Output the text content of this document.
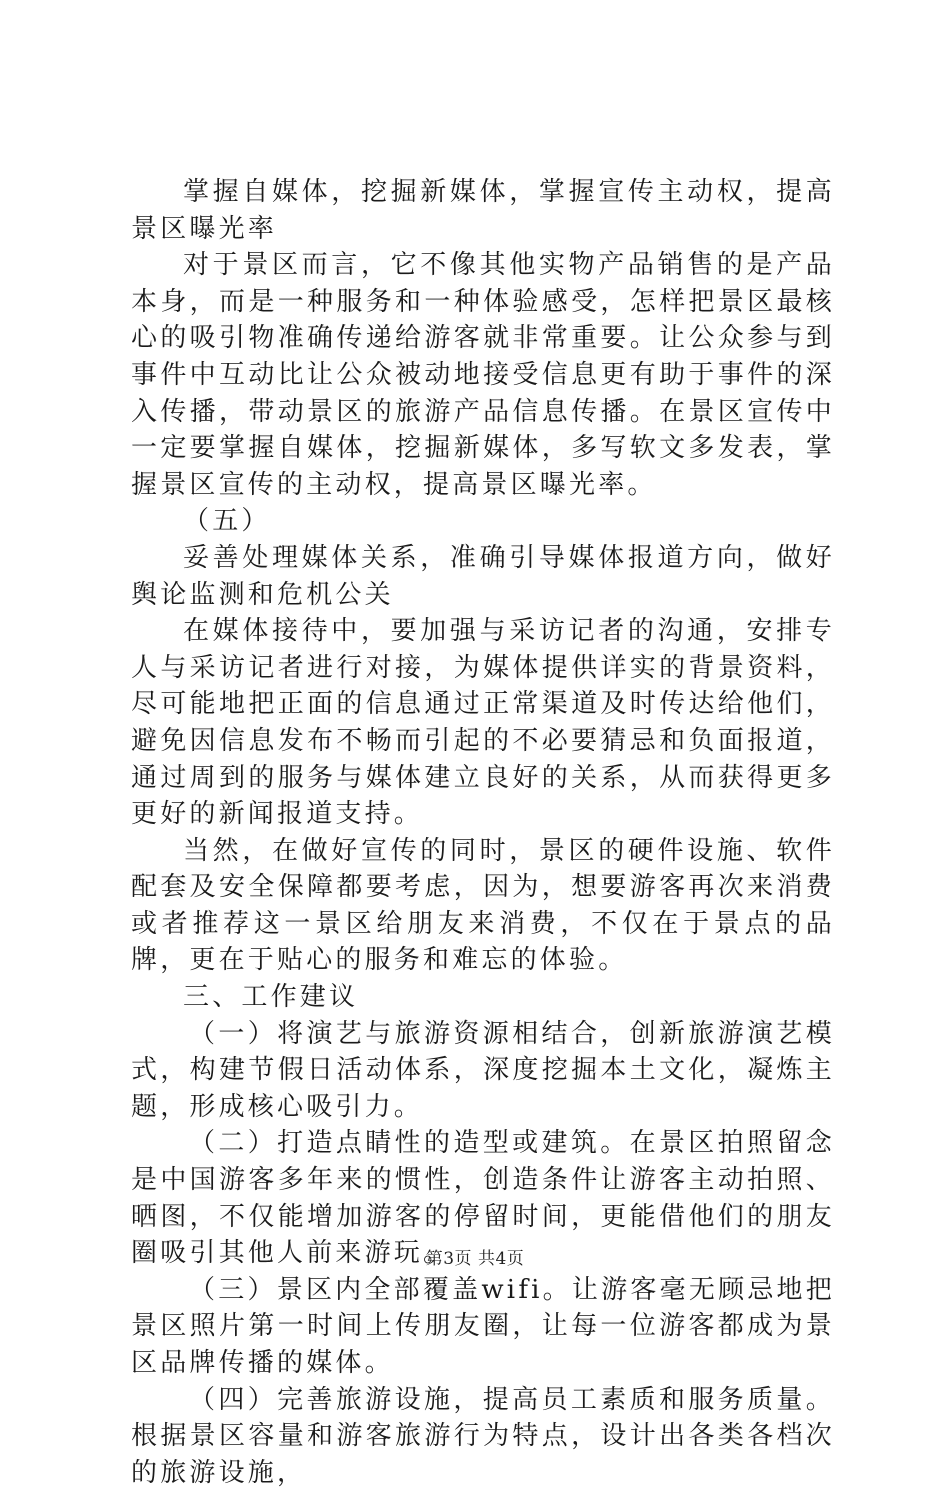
掌握自媒体，挖掘新媒体，掌握宣传主动权，提高景区曝光率

对于景区而言，它不像其他实物产品销售的是产品本身，而是一种服务和一种体验感受，怎样把景区最核心的吸引物准确传递给游客就非常重要。让公众参与到事件中互动比让公众被动地接受信息更有助于事件的深入传播，带动景区的旅游产品信息传播。在景区宣传中一定要掌握自媒体，挖掘新媒体，多写软文多发表，掌握景区宣传的主动权，提高景区曝光率。

（五）

妥善处理媒体关系，准确引导媒体报道方向，做好舆论监测和危机公关

在媒体接待中，要加强与采访记者的沟通，安排专人与采访记者进行对接，为媒体提供详实的背景资料，尽可能地把正面的信息通过正常渠道及时传达给他们，避免因信息发布不畅而引起的不必要猜忌和负面报道，通过周到的服务与媒体建立良好的关系，从而获得更多更好的新闻报道支持。

当然，在做好宣传的同时，景区的硬件设施、软件配套及安全保障都要考虑，因为，想要游客再次来消费或者推荐这一景区给朋友来消费，不仅在于景点的品牌，更在于贴心的服务和难忘的体验。

三、工作建议

（一）将演艺与旅游资源相结合，创新旅游演艺模式，构建节假日活动体系，深度挖掘本土文化，凝炼主题，形成核心吸引力。

（二）打造点睛性的造型或建筑。在景区拍照留念是中国游客多年来的惯性，创造条件让游客主动拍照、晒图，不仅能增加游客的停留时间，更能借他们的朋友圈吸引其他人前来游玩。

（三）景区内全部覆盖wifi。让游客毫无顾忌地把景区照片第一时间上传朋友圈，让每一位游客都成为景区品牌传播的媒体。

（四）完善旅游设施，提高员工素质和服务质量。根据景区容量和游客旅游行为特点，设计出各类各档次的旅游设施，

第3页 共4页
